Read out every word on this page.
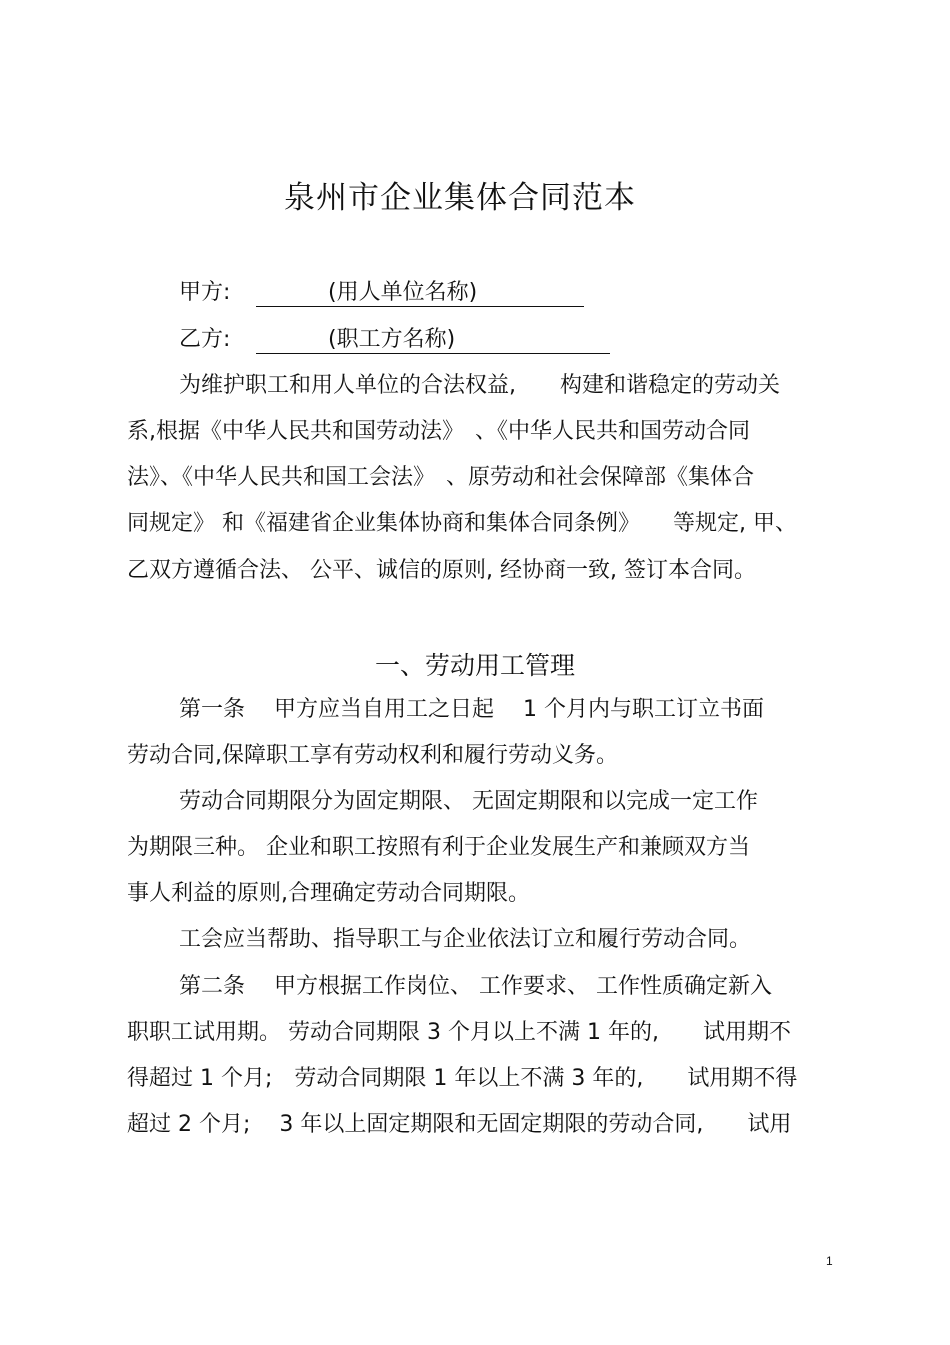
泉州市企业集体合同范本
甲方:

	(用人单位名称)

乙方:

	(职工方名称)

为维护职工和用人单位的合法权益,　　构建和谐稳定的劳动关
系,根据《中华人民共和国劳动法》　、《中华人民共和国劳动合同
法》、《中华人民共和国工会法》　、原劳动和社会保障部《集体合
同规定》 和《福建省企业集体协商和集体合同条例》　　等规定, 甲、
乙双方遵循合法、 公平、诚信的原则, 经协商一致, 签订本合同。
一、劳动用工管理
第一条　 甲方应当自用工之日起　 1 个月内与职工订立书面
劳动合同,保障职工享有劳动权利和履行劳动义务。
劳动合同期限分为固定期限、 无固定期限和以完成一定工作
为期限三种。 企业和职工按照有利于企业发展生产和兼顾双方当
事人利益的原则,合理确定劳动合同期限。
工会应当帮助、指导职工与企业依法订立和履行劳动合同。
第二条　 甲方根据工作岗位、 工作要求、 工作性质确定新入
职职工试用期。 劳动合同期限 3 个月以上不满 1 年的,　　试用期不
得超过 1 个月;　劳动合同期限 1 年以上不满 3 年的,　　试用期不得
超过 2 个月;　 3 年以上固定期限和无固定期限的劳动合同,　　试用
1
